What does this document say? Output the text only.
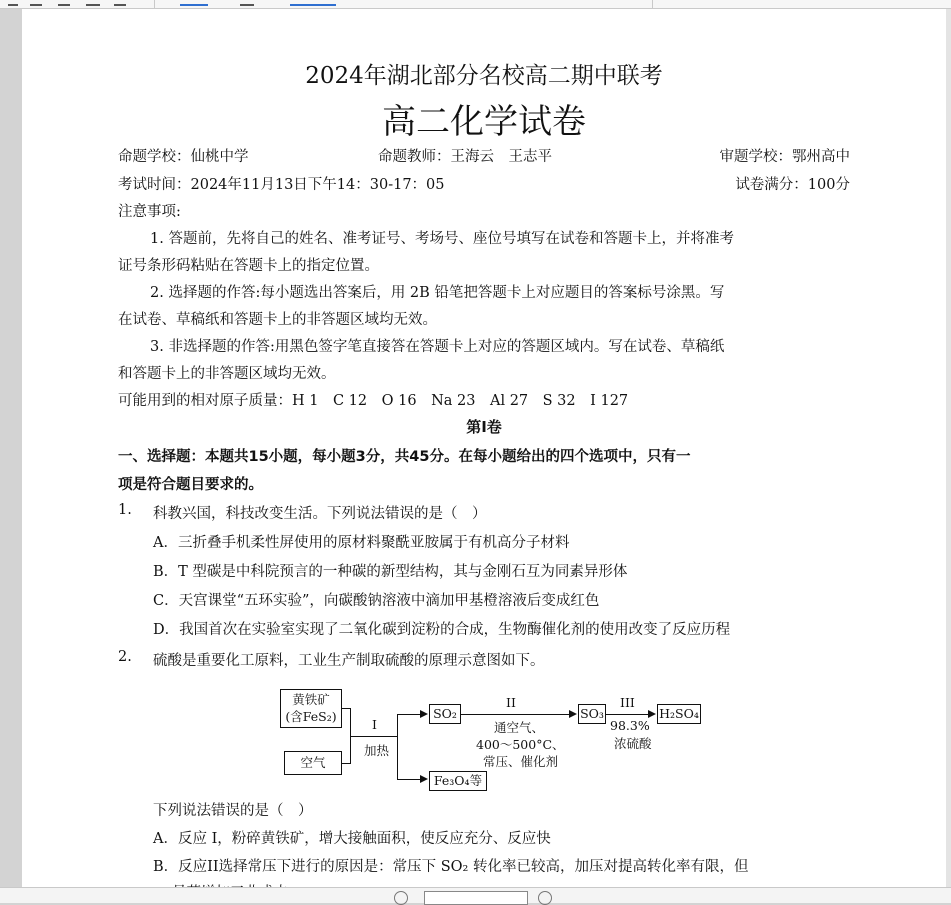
2024年湖北部分名校高二期中联考
高二化学试卷
命题学校：仙桃中学	命题教师：王海云　王志平	审题学校：鄂州高中
考试时间：2024年11月13日下午14：30-17：05	试卷满分：100分
注意事项:
1. 答题前，先将自己的姓名、准考证号、考场号、座位号填写在试卷和答题卡上，并将准考
证号条形码粘贴在答题卡上的指定位置。
2. 选择题的作答:每小题选出答案后，用 2B 铅笔把答题卡上对应题目的答案标号涂黑。写
在试卷、草稿纸和答题卡上的非答题区域均无效。
3. 非选择题的作答:用黑色签字笔直接答在答题卡上对应的答题区域内。写在试卷、草稿纸
和答题卡上的非答题区域均无效。
可能用到的相对原子质量：H 1　C 12　O 16　Na 23　Al 27　S 32　I 127
第Ⅰ卷
一、选择题：本题共15小题，每小题3分，共45分。在每小题给出的四个选项中，只有一
项是符合题目要求的。
1. 科教兴国，科技改变生活。下列说法错误的是（　）
A．三折叠手机柔性屏使用的原材料聚酰亚胺属于有机高分子材料
B．T 型碳是中科院预言的一种碳的新型结构，其与金刚石互为同素异形体
C．天宫课堂“五环实验”，向碳酸钠溶液中滴加甲基橙溶液后变成红色
D．我国首次在实验室实现了二氧化碳到淀粉的合成，生物酶催化剂的使用改变了反应历程
2. 硫酸是重要化工原料，工业生产制取硫酸的原理示意图如下。
黄铁矿
(含FeS₂)
空气
I
加热
SO₂
Fe₃O₄等
II
通空气、
400～500°C、
常压、催化剂
SO₃
III
98.3%
浓硫酸
H₂SO₄
下列说法错误的是（　）
A．反应 I，粉碎黄铁矿，增大接触面积，使反应充分、反应快
B．反应II选择常压下进行的原因是：常压下 SO₂ 转化率已较高，加压对提高转化率有限，但
